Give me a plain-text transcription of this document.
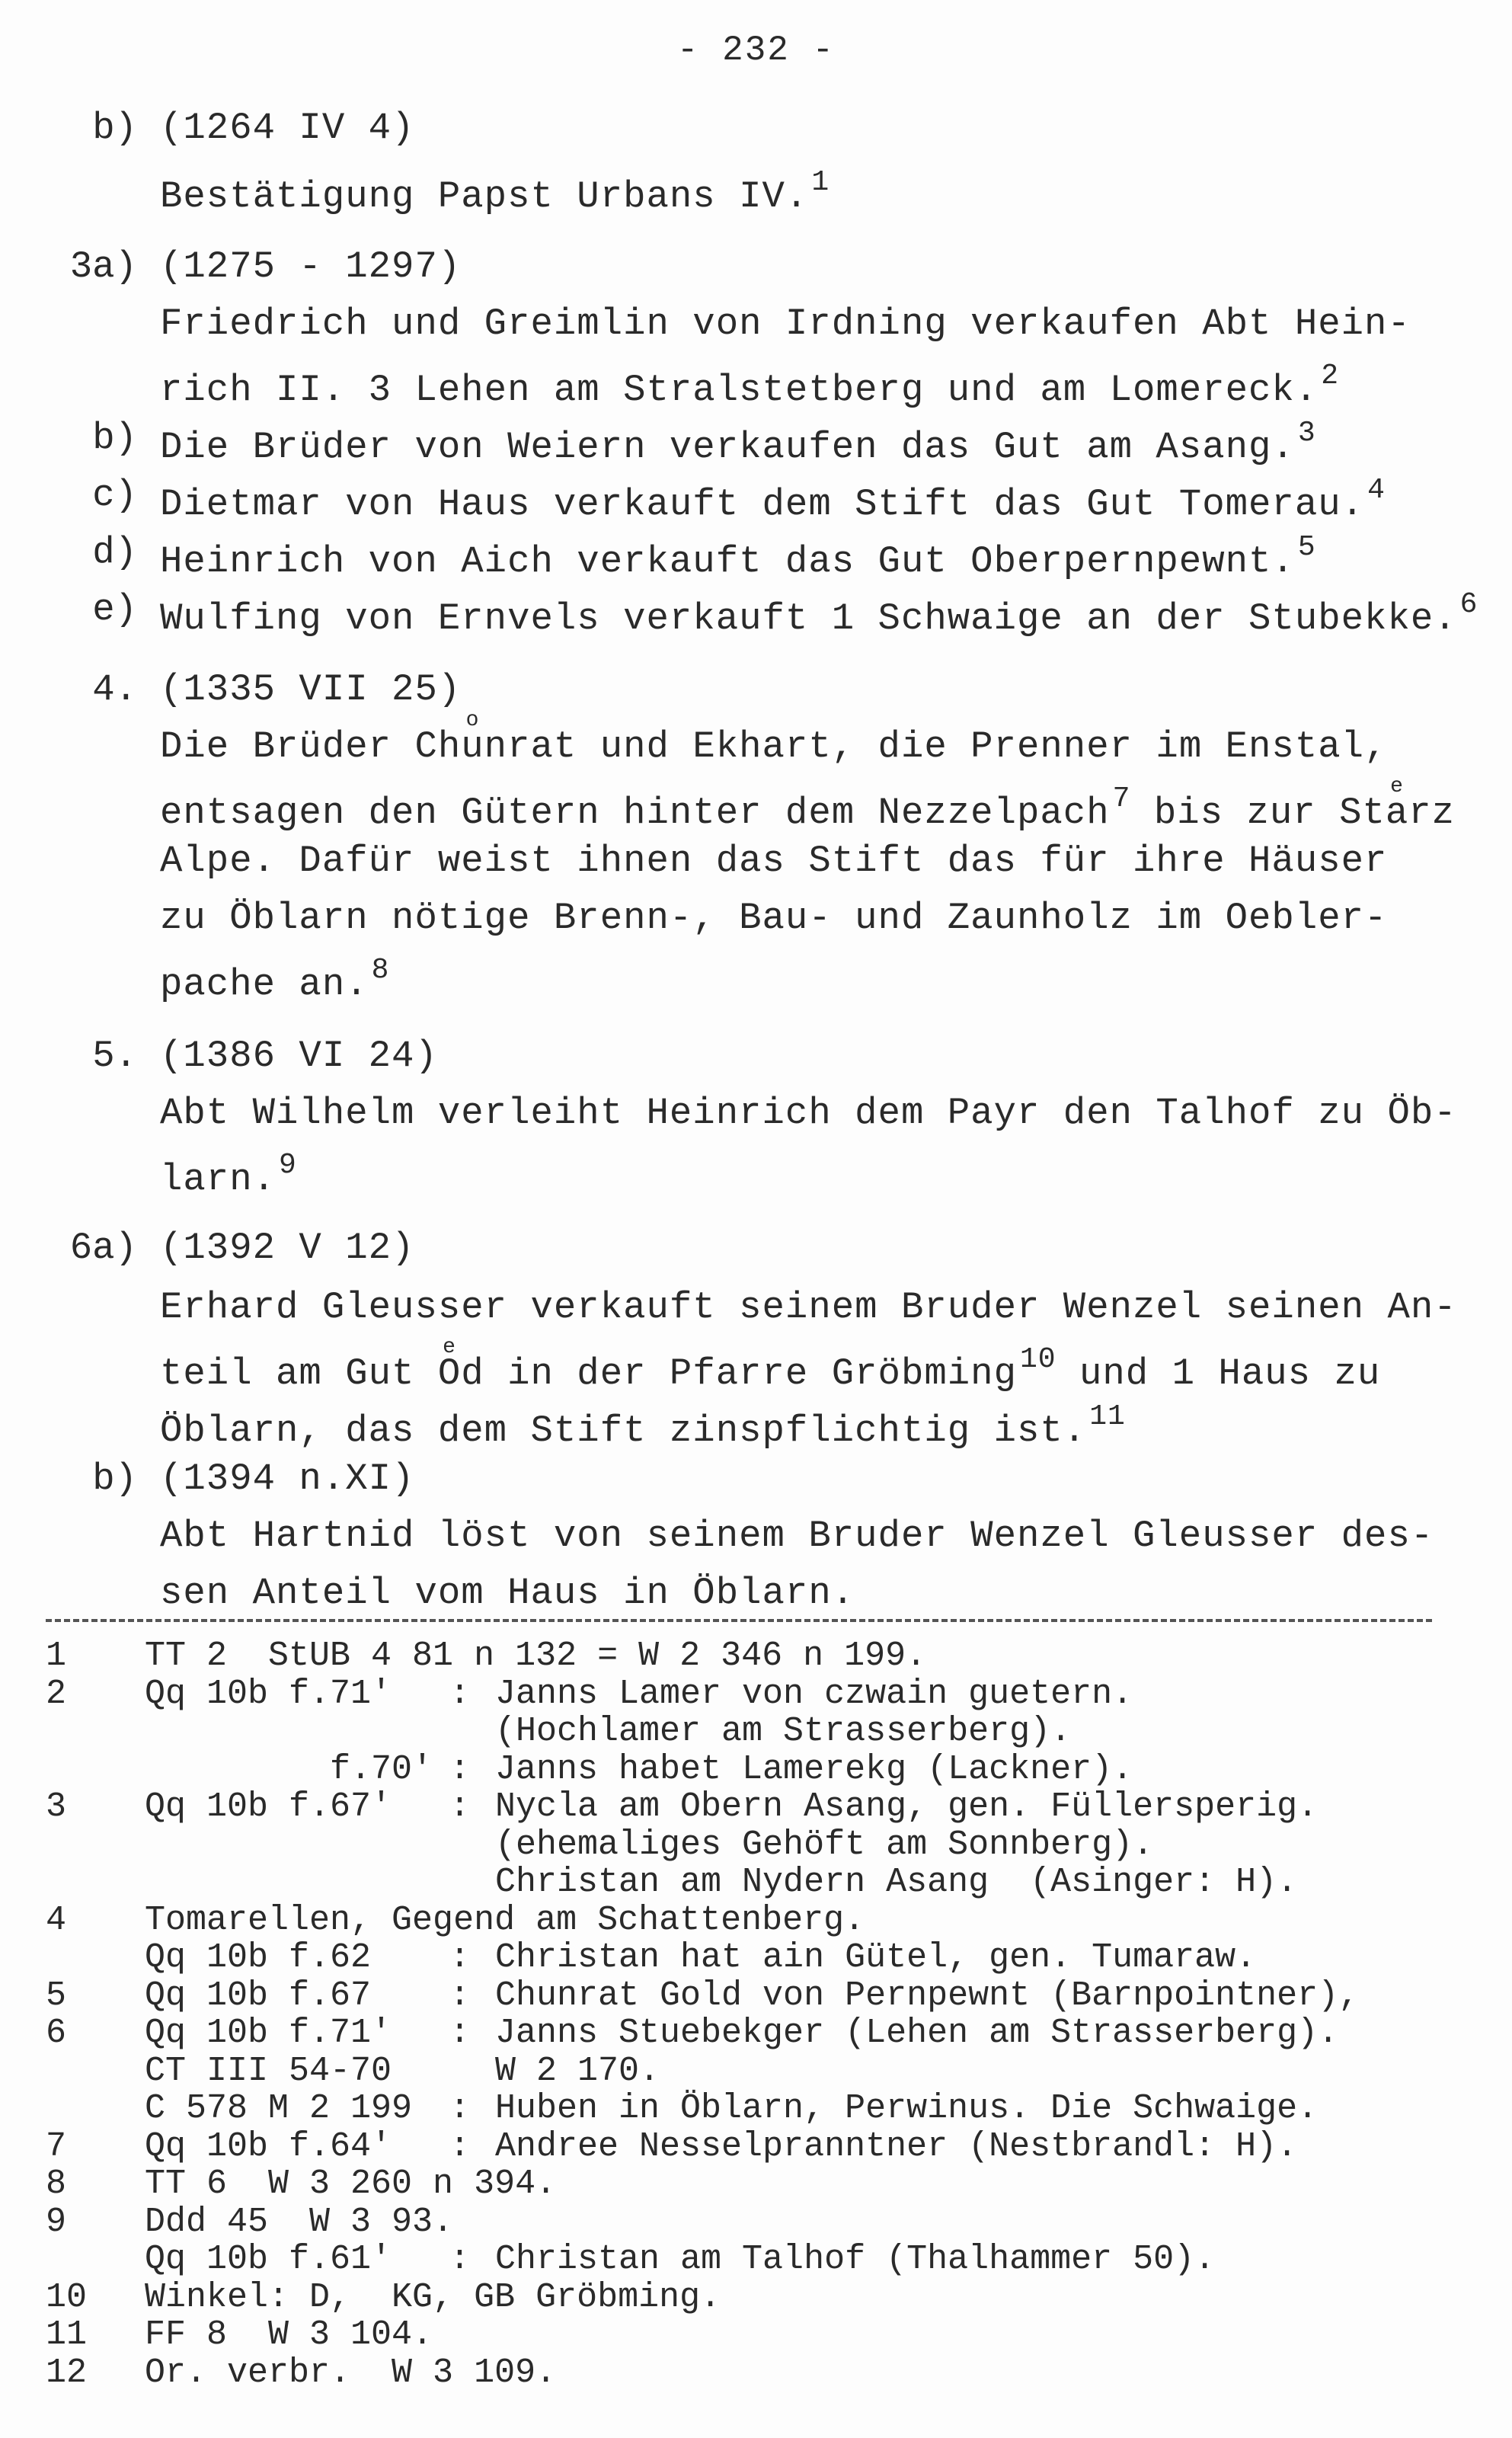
- 232 -
b) (1264 IV 4)
Bestätigung Papst Urbans IV. $^1$
3a) (1275 - 1297)
Friedrich und Greimlin von Irdning verkaufen Abt Hein-
rich II. 3 Lehen am Stralstetberg und am Lomereck. $^2$
b) Die Brüder von Weiern verkaufen das Gut am Asang. $^3$
c) Dietmar von Haus verkauft dem Stift das Gut Tomerau. $^4$
d) Heinrich von Aich verkauft das Gut Oberpernpewnt. $^5$
e) Wulfing von Ernvels verkauft 1 Schwaige an der Stubekke. $^6$
4. (1335 VII 25)
Die Brüder Ch
o
unrat und Ekhart, die Prenner im Enstal,
entsagen den Gütern hinter dem Nezzelpach $^7$ bis zur St
e
arz
Alpe. Dafür weist ihnen das Stift das für ihre Häuser
zu Öblarn nötige Brenn-, Bau- und Zaunholz im Oebler-
pache an. $^8$
5. (1386 VI 24)
Abt Wilhelm verleiht Heinrich dem Payr den Talhof zu Öb-
larn. $^9$
6a) (1392 V 12)
Erhard Gleusser verkauft seinem Bruder Wenzel seinen An-
teil am Gut
e
Od in der Pfarre Gröbming $^{10}$ und 1 Haus zu
Öblarn, das dem Stift zinspflichtig ist. $^{11}$
b) (1394 n.XI)
Abt Hartnid löst von seinem Bruder Wenzel Gleusser des-
sen Anteil vom Haus in Öblarn.
1	TT 2  StUB 4 81 n 132 = W 2 346 n 199.
2	Qq 10b f.71' : Janns Lamer von czwain guetern.
(Hochlamer am Strasserberg).
f.70' : Janns habet Lamerekg (Lackner).
3	Qq 10b f.67' : Nycla am Obern Asang, gen. Füllersperig.
(ehemaliges Gehöft am Sonnberg).
Christan am Nydern Asang  (Asinger: H).
4	Tomarellen, Gegend am Schattenberg.
Qq 10b f.62 : Christan hat ain Gütel, gen. Tumaraw.
5	Qq 10b f.67 : Chunrat Gold von Pernpewnt (Barnpointner),
6	Qq 10b f.71' : Janns Stuebekger (Lehen am Strasserberg).
CT III 54-70	W 2 170.
C 578 M 2 199 : Huben in Öblarn, Perwinus. Die Schwaige.
7	Qq 10b f.64' : Andree Nesselpranntner (Nestbrandl: H).
8	TT 6  W 3 260 n 394.
9	Ddd 45  W 3 93.
Qq 10b f.61' : Christan am Talhof (Thalhammer 50).
10 Winkel: D,  KG, GB Gröbming.
11 FF 8  W 3 104.
12 Or. verbr.  W 3 109.
